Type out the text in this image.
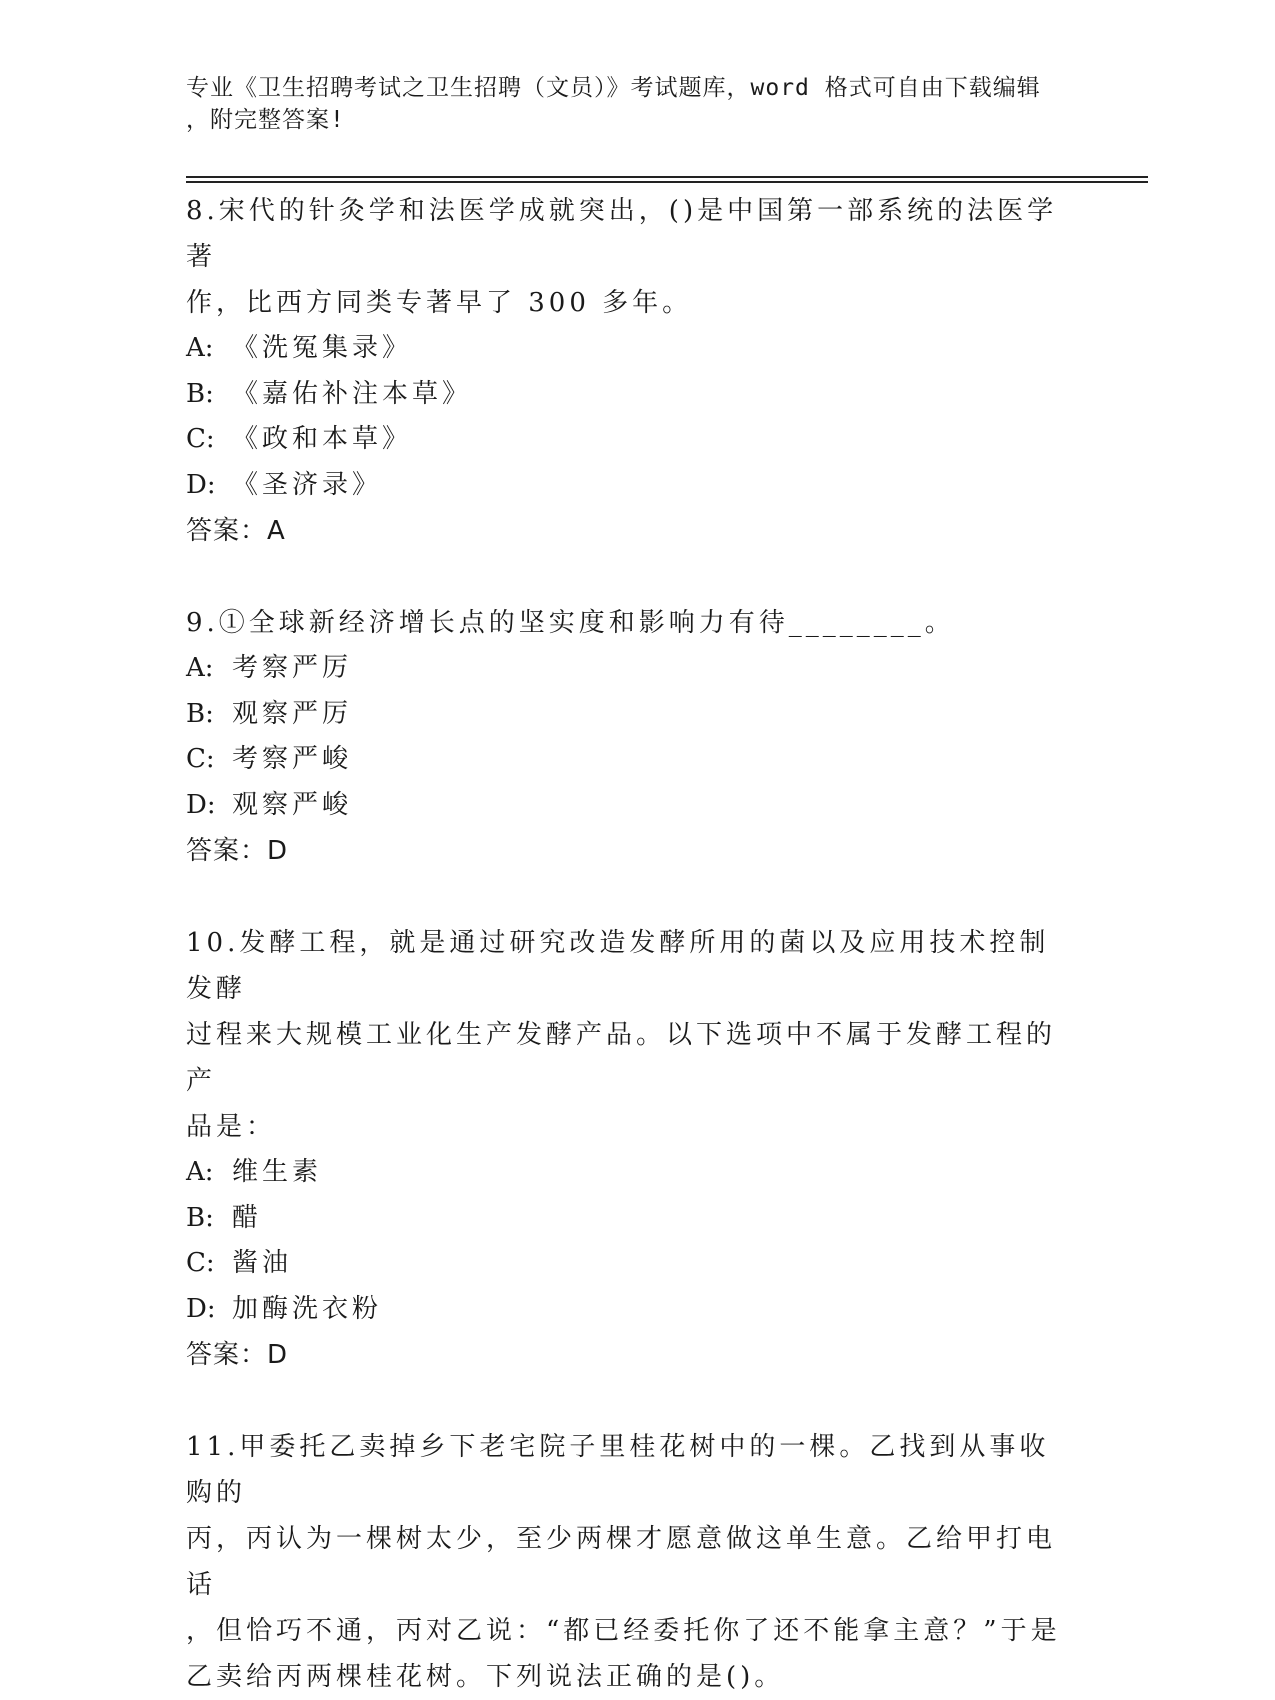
专业《卫生招聘考试之卫生招聘（文员）》考试题库，word 格式可自由下载编辑
，附完整答案!

8.宋代的针灸学和法医学成就突出，()是中国第一部系统的法医学著

作，比西方同类专著早了 300 多年。

A: 《洗冤集录》

B: 《嘉佑补注本草》

C: 《政和本草》

D: 《圣济录》

答案：A

9.①全球新经济增长点的坚实度和影响力有待________。

A: 考察严厉

B: 观察严厉

C: 考察严峻

D: 观察严峻

答案：D

10.发酵工程，就是通过研究改造发酵所用的菌以及应用技术控制发酵

过程来大规模工业化生产发酵产品。以下选项中不属于发酵工程的产

品是：

A: 维生素

B: 醋

C: 酱油

D: 加酶洗衣粉

答案：D

11.甲委托乙卖掉乡下老宅院子里桂花树中的一棵。乙找到从事收购的

丙，丙认为一棵树太少，至少两棵才愿意做这单生意。乙给甲打电话

，但恰巧不通，丙对乙说：“都已经委托你了还不能拿主意？”于是

乙卖给丙两棵桂花树。下列说法正确的是()。
